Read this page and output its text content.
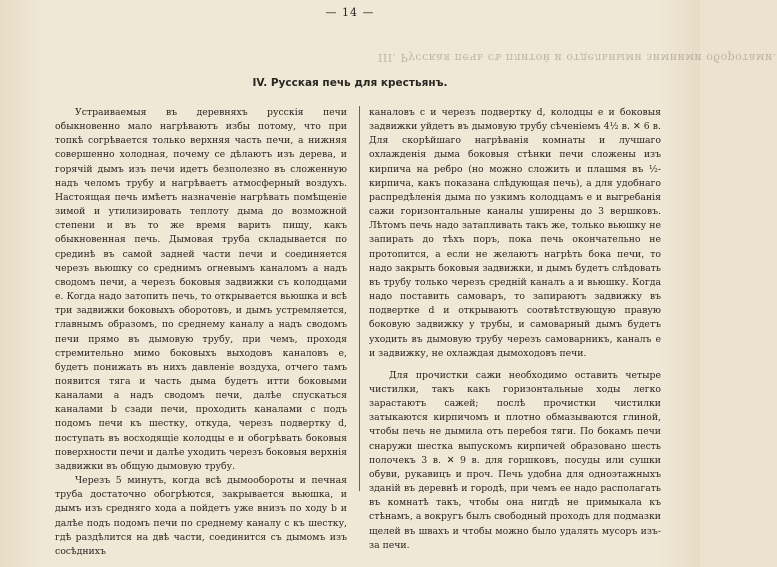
III. Русская печь съ плитой и отдельными зимними оборотами.
— 14 —
IV. Русская печь для крестьянъ.

Устраиваемыя въ деревняхъ русскія печи обыкновенно мало нагрѣваютъ избы потому, что при топкѣ согрѣвается только верхняя часть печи, а нижняя совершенно холодная, почему се дѣлаютъ изъ дерева, и горячій дымъ изъ печи идетъ безполезно въ сложенную надъ челомъ трубу и нагрѣваетъ атмосферный воздухъ. Настоящая печь имѣетъ назначеніе нагрѣвать помѣщеніе зимой и утилизировать теплоту дыма до возможной степени и въ то же время варить пищу, какъ обыкновенная печь. Дымовая труба складывается по срединѣ въ самой задней части печи и соединяется черезъ вьюшку со среднимъ огневымъ каналомъ a надъ сводомъ печи, а черезъ боковыя задвижки съ колодцами e. Когда надо затопить печь, то открывается вьюшка и всѣ три задвижки боковыхъ оборотовъ, и дымъ устремляется, главнымъ образомъ, по среднему каналу a надъ сводомъ печи прямо въ дымовую трубу, при чемъ, проходя стремительно мимо боковыхъ выходовъ каналовъ e, будетъ понижать въ нихъ давленіе воздуха, отчего тамъ появится тяга и часть дыма будетъ итти боковыми каналами a надъ сводомъ печи, далѣе спускаться каналами b сзади печи, проходить каналами c подъ подомъ печи къ шестку, откуда, черезъ подвертку d, поступать въ восходящіе колодцы e и обогрѣвать боковыя поверхности печи и далѣе уходить черезъ боковыя верхнія задвижки въ общую дымовую трубу.

Черезъ 5 минутъ, когда всѣ дымообороты и печная труба достаточно обогрѣются, закрывается вьюшка, и дымъ изъ средняго хода a пойдетъ уже внизъ по ходу b и далѣе подъ подомъ печи по среднему каналу c къ шестку, гдѣ раздѣлится на двѣ части, соединится съ дымомъ изъ сосѣднихъ

каналовъ c и черезъ подвертку d, колодцы e и боковыя задвижки уйдетъ въ дымовую трубу сѣченіемъ 4½ в. ✕ 6 в. Для скорѣйшаго нагрѣванія комнаты и лучшаго охлажденія дыма боковыя стѣнки печи сложены изъ кирпича на ребро (но можно сложить и плашмя въ ½-кирпича, какъ показана слѣдующая печь), а для удобнаго распредѣленія дыма по узкимъ колодцамъ e и выгребанія сажи горизонтальные каналы уширены до 3 вершковъ. Лѣтомъ печь надо затапливать такъ же, только вьюшку не запирать до тѣхъ поръ, пока печь окончательно не протопится, а если не желаютъ нагрѣть бока печи, то надо закрыть боковыя задвижки, и дымъ будетъ слѣдовать въ трубу только черезъ средній каналъ a и вьюшку. Когда надо поставить самоваръ, то запираютъ задвижку въ подвертке d и открываютъ соотвѣтствующую правую боковую задвижку у трубы, и самоварный дымъ будетъ уходить въ дымовую трубу черезъ самоварникъ, каналъ e и задвижку, не охлаждая дымоходовъ печи.

Для прочистки сажи необходимо оставить четыре чистилки, такъ какъ горизонтальные ходы легко зарастаютъ сажей; послѣ прочистки чистилки затыкаются кирпичомъ и плотно обмазываются глиной, чтобы печь не дымила отъ перебоя тяги. По бокамъ печи снаружи шестка выпускомъ кирпичей образовано шесть полочекъ 3 в. ✕ 9 в. для горшковъ, посуды или сушки обуви, рукавицъ и проч. Печь удобна для одноэтажныхъ зданій въ деревнѣ и городѣ, при чемъ ее надо располагать въ комнатѣ такъ, чтобы она нигдѣ не примыкала къ стѣнамъ, а вокругъ былъ свободный проходъ для подмазки щелей въ швахъ и чтобы можно было удалять мусоръ изъ-за печи.
